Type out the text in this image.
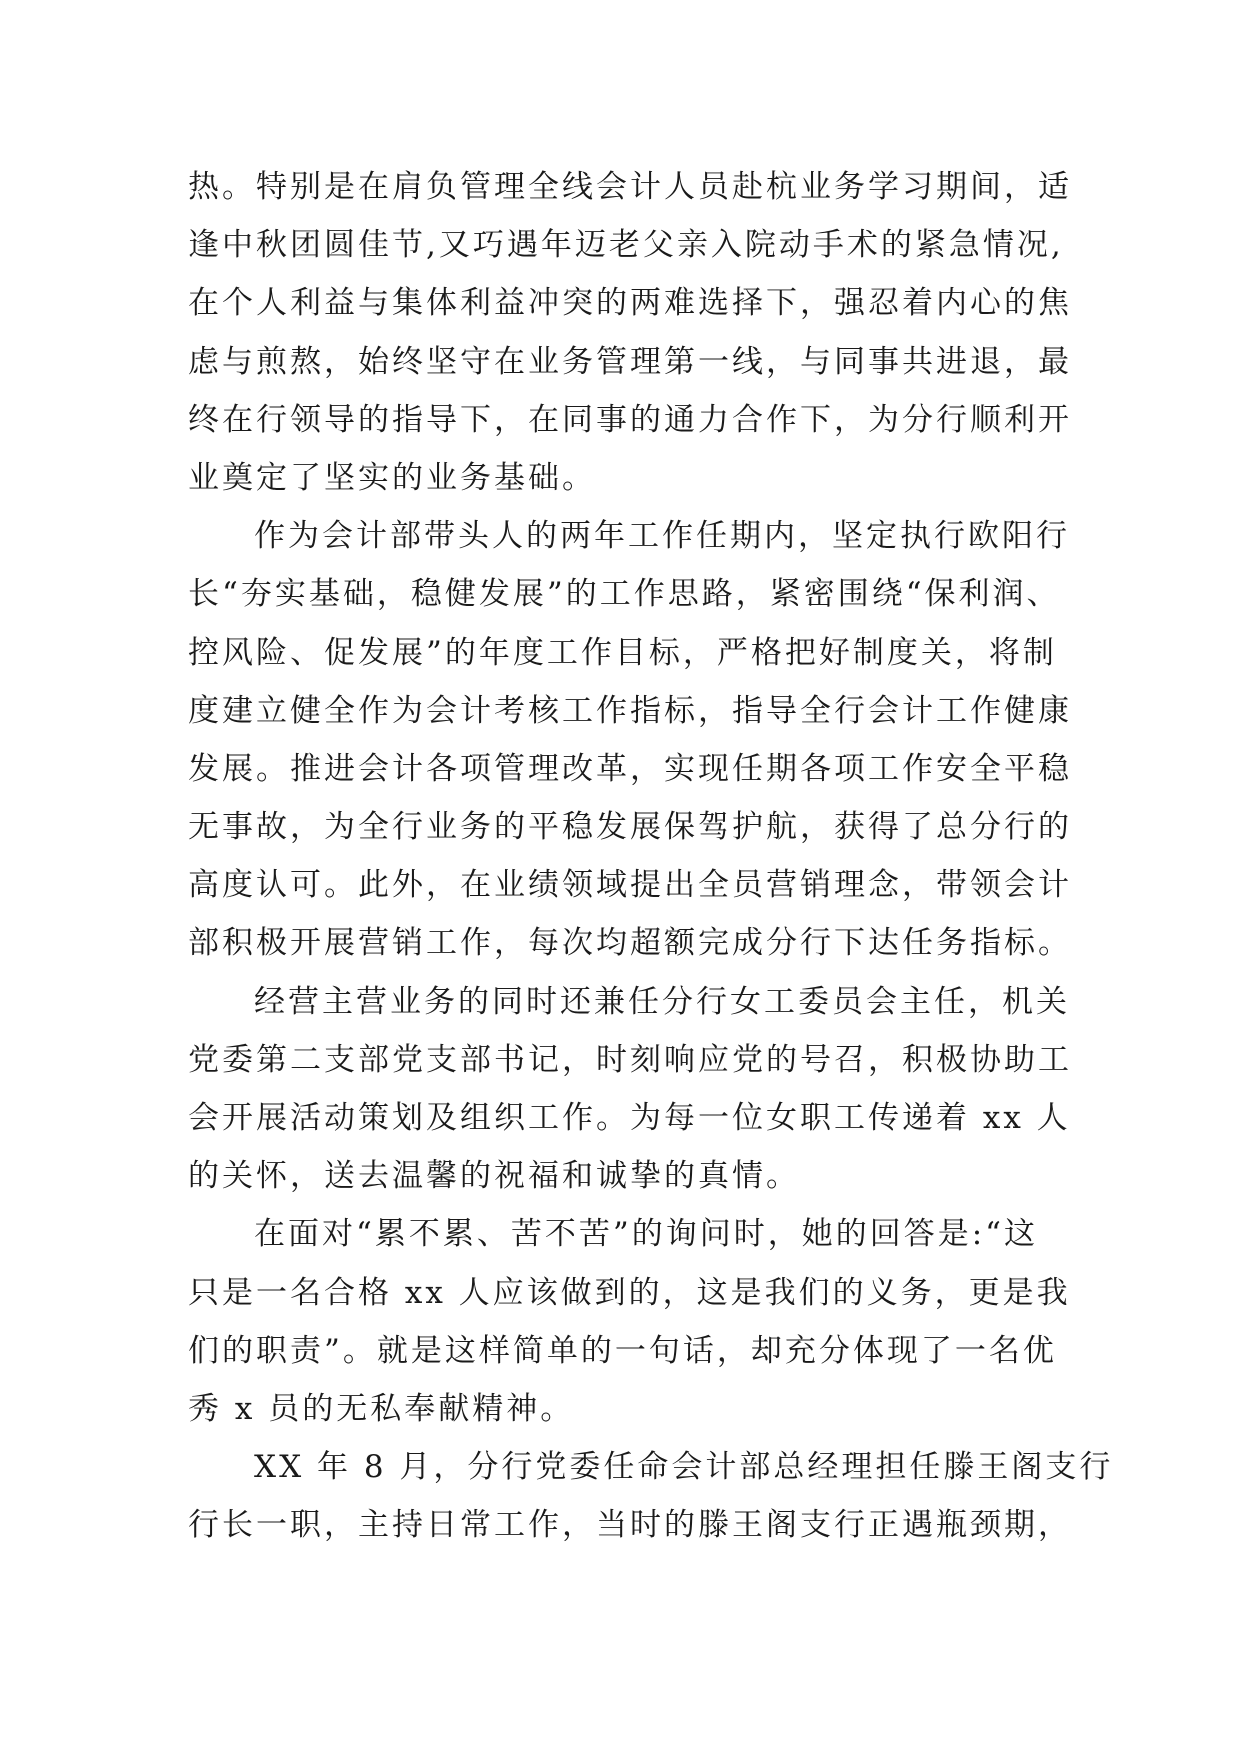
热。特别是在肩负管理全线会计人员赴杭业务学习期间，适
逢中秋团圆佳节,又巧遇年迈老父亲入院动手术的紧急情况,
在个人利益与集体利益冲突的两难选择下，强忍着内心的焦
虑与煎熬，始终坚守在业务管理第一线，与同事共进退，最
终在行领导的指导下，在同事的通力合作下，为分行顺利开
业奠定了坚实的业务基础。
作为会计部带头人的两年工作任期内，坚定执行欧阳行
长“夯实基础，稳健发展”的工作思路，紧密围绕“保利润、
控风险、促发展”的年度工作目标，严格把好制度关，将制
度建立健全作为会计考核工作指标，指导全行会计工作健康
发展。推进会计各项管理改革，实现任期各项工作安全平稳
无事故，为全行业务的平稳发展保驾护航，获得了总分行的
高度认可。此外，在业绩领域提出全员营销理念，带领会计
部积极开展营销工作，每次均超额完成分行下达任务指标。
经营主营业务的同时还兼任分行女工委员会主任，机关
党委第二支部党支部书记，时刻响应党的号召，积极协助工
会开展活动策划及组织工作。为每一位女职工传递着 xx 人
的关怀，送去温馨的祝福和诚挚的真情。
在面对“累不累、苦不苦”的询问时，她的回答是:“这
只是一名合格 xx 人应该做到的，这是我们的义务，更是我
们的职责”。就是这样简单的一句话，却充分体现了一名优
秀 x 员的无私奉献精神。
XX 年 8 月，分行党委任命会计部总经理担任滕王阁支行
行长一职，主持日常工作，当时的滕王阁支行正遇瓶颈期，
